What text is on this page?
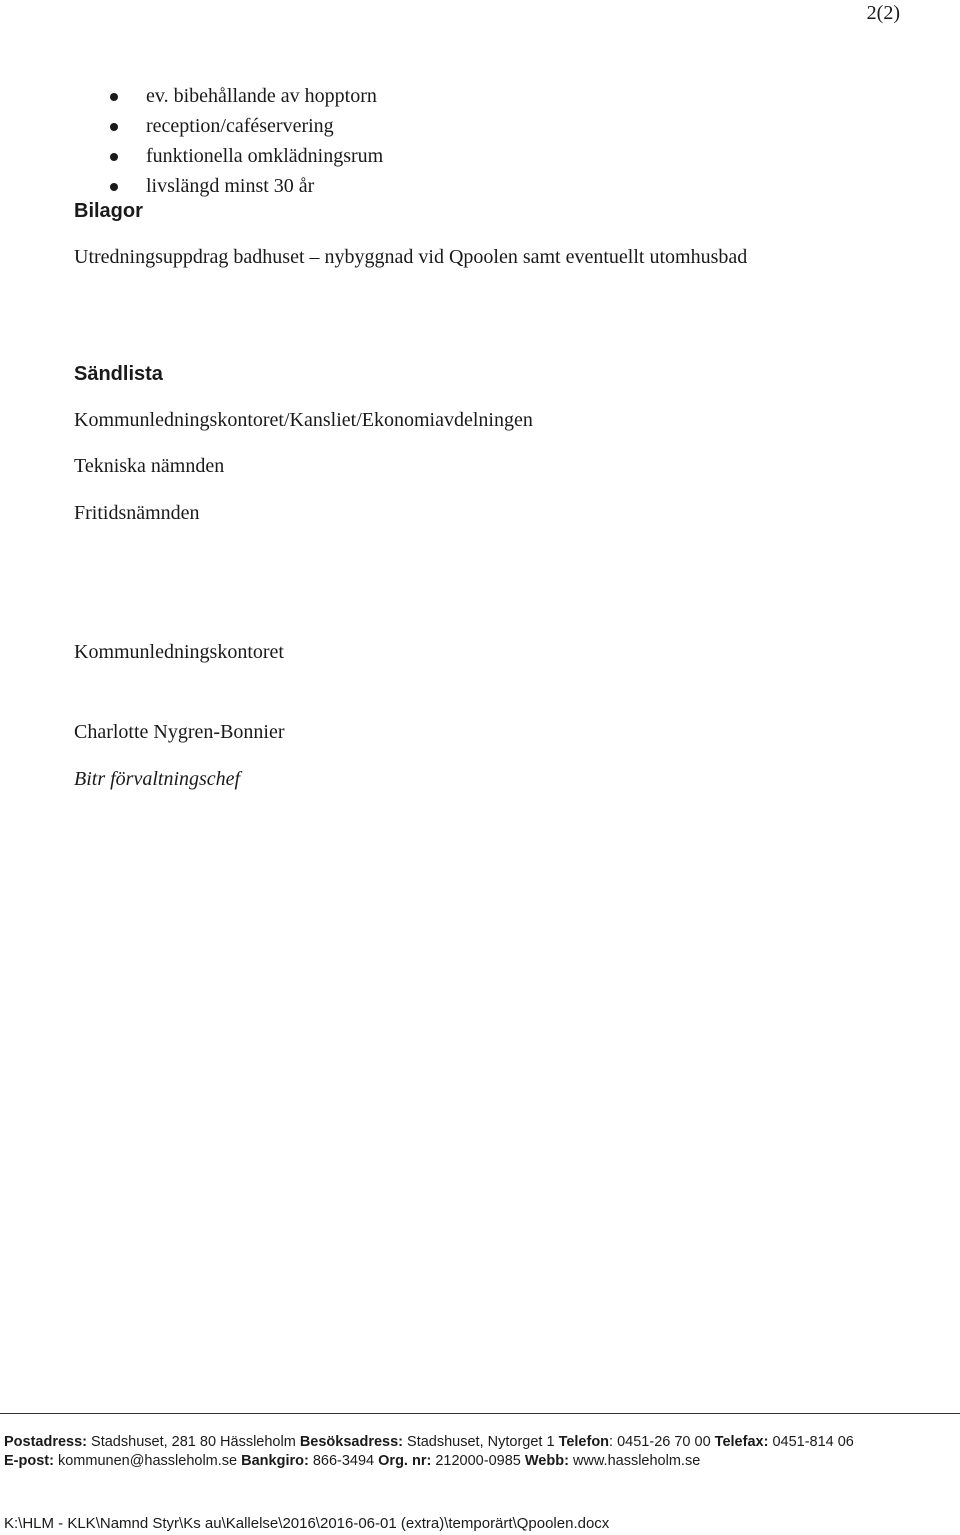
2(2)
ev. bibehållande av hopptorn
reception/caféservering
funktionella omklädningsrum
livslängd minst 30 år
Bilagor
Utredningsuppdrag badhuset – nybyggnad vid Qpoolen samt eventuellt utomhusbad
Sändlista
Kommunledningskontoret/Kansliet/Ekonomiavdelningen
Tekniska nämnden
Fritidsnämnden
Kommunledningskontoret
Charlotte Nygren-Bonnier
Bitr förvaltningschef
Postadress: Stadshuset, 281 80 Hässleholm Besöksadress: Stadshuset, Nytorget 1 Telefon: 0451-26 70 00 Telefax: 0451-814 06
E-post: kommunen@hassleholm.se Bankgiro: 866-3494 Org. nr: 212000-0985 Webb: www.hassleholm.se
K:\HLM - KLK\Namnd Styr\Ks au\Kallelse\2016\2016-06-01 (extra)\temporärt\Qpoolen.docx
